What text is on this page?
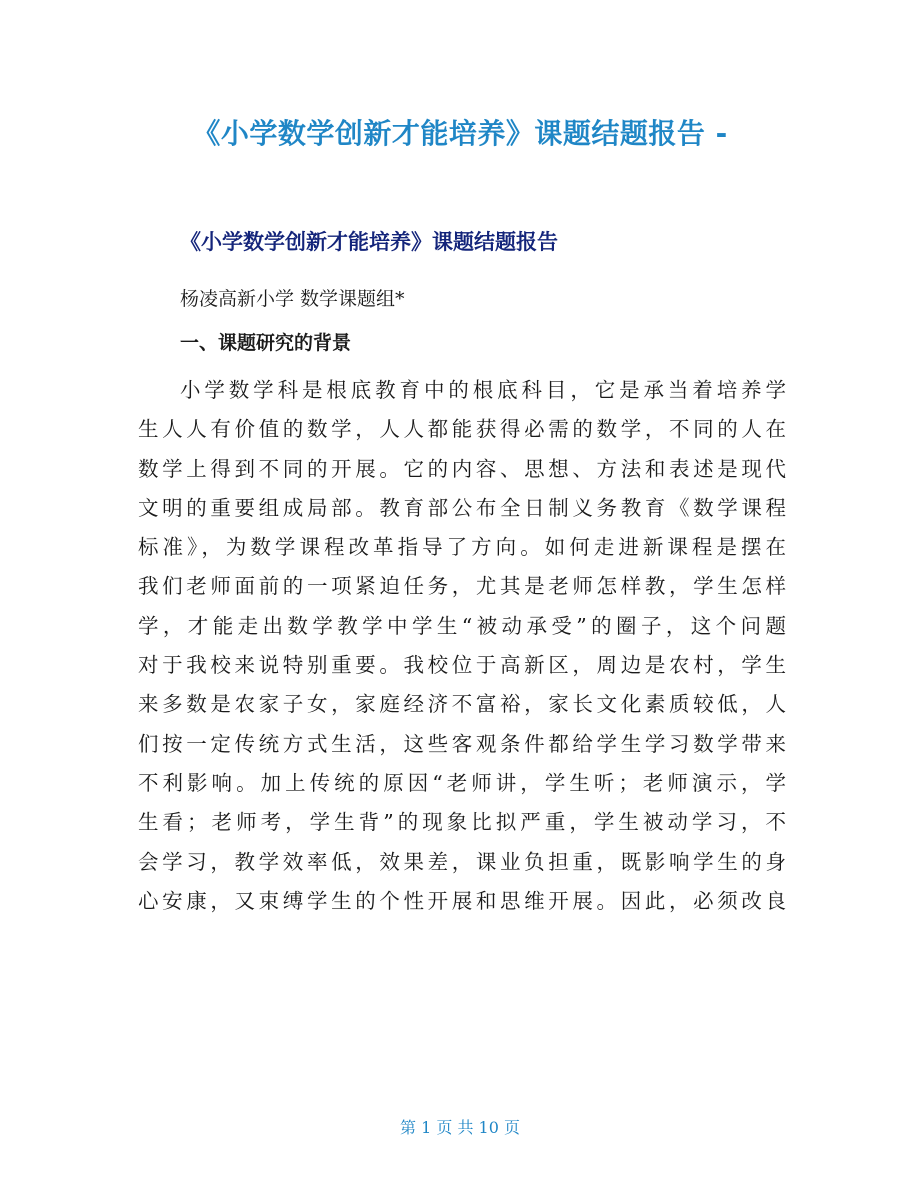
《小学数学创新才能培养》课题结题报告 -
《小学数学创新才能培养》课题结题报告
杨凌高新小学 数学课题组*
一、课题研究的背景
小学数学科是根底教育中的根底科目，它是承当着培养学
生人人有价值的数学，人人都能获得必需的数学，不同的人在
数学上得到不同的开展。它的内容、思想、方法和表述是现代
文明的重要组成局部。教育部公布全日制义务教育《数学课程
标准》，为数学课程改革指导了方向。如何走进新课程是摆在
我们老师面前的一项紧迫任务，尤其是老师怎样教，学生怎样
学，才能走出数学教学中学生“被动承受”的圈子，这个问题
对于我校来说特别重要。我校位于高新区，周边是农村，学生
来多数是农家子女，家庭经济不富裕，家长文化素质较低，人
们按一定传统方式生活，这些客观条件都给学生学习数学带来
不利影响。加上传统的原因“老师讲，学生听；老师演示，学
生看；老师考，学生背”的现象比拟严重，学生被动学习，不
会学习，教学效率低，效果差，课业负担重，既影响学生的身
心安康，又束缚学生的个性开展和思维开展。因此，必须改良
第 1 页 共 10 页
